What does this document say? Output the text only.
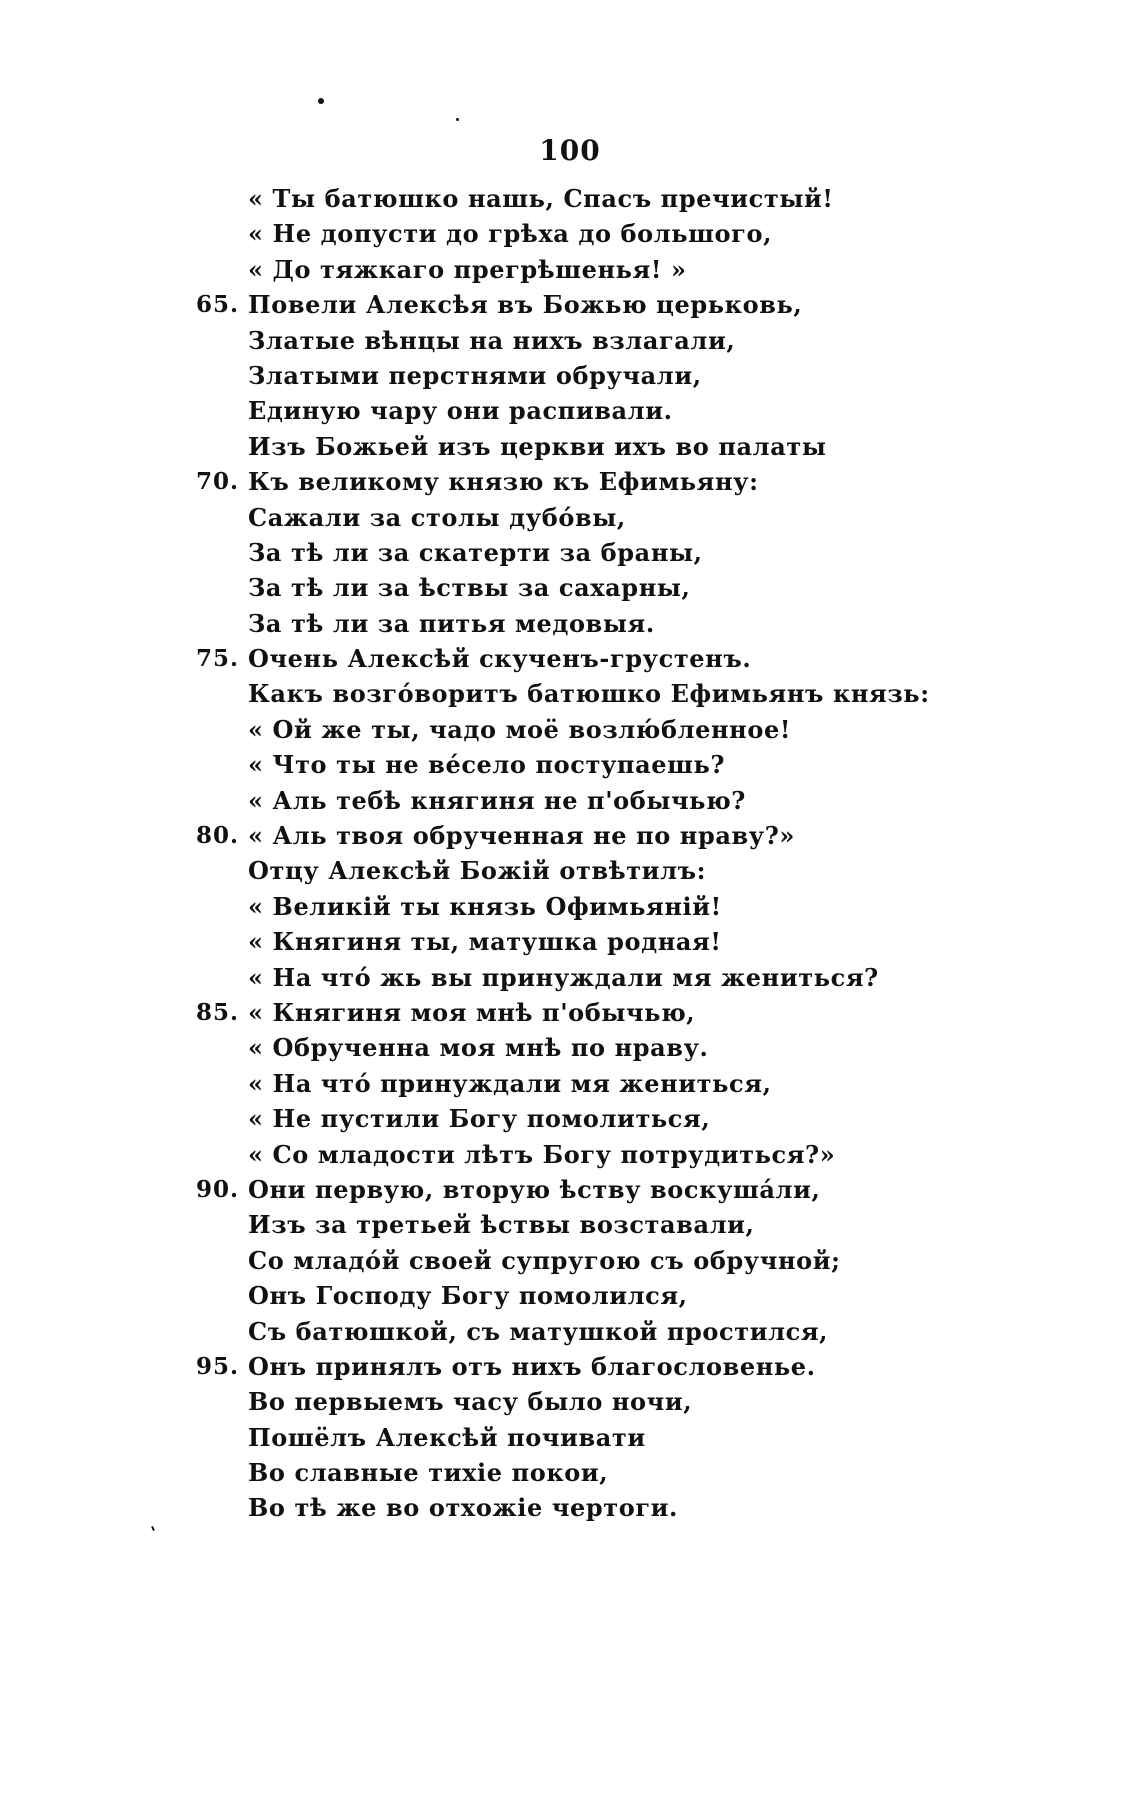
100
« Ты батюшко нашь, Спасъ пречистый!
« Не допусти до грѣха до большого,
« До тяжкаго прегрѣшенья! »
65. Повели Алексѣя въ Божью церьковь,
Златые вѣнцы на нихъ взлагали,
Златыми перстнями обручали,
Единую чару они распивали.
Изъ Божьей изъ церкви ихъ во палаты
70. Къ великому князю къ Ефимьяну:
Сажали за столы дубо́вы,
За тѣ ли за скатерти за браны,
За тѣ ли за ѣствы за сахарны,
За тѣ ли за питья медовыя.
75. Очень Алексѣй скученъ-грустенъ.
Какъ возго́воритъ батюшко Ефимьянъ князь:
« Ой же ты, чадо моё возлю́бленное!
« Что ты не ве́село поступаешь?
« Аль тебѣ княгиня не п'обычью?
80. « Аль твоя обрученная не по нраву?»
Отцу Алексѣй Божій отвѣтилъ:
« Великій ты князь Офимьяній!
« Княгиня ты, матушка родная!
« На что́ жь вы принуждали мя жениться?
85. « Княгиня моя мнѣ п'обычью,
« Обрученна моя мнѣ по нраву.
« На что́ принуждали мя жениться,
« Не пустили Богу помолиться,
« Со младости лѣтъ Богу потрудиться?»
90. Они первую, вторую ѣству воскуша́ли,
Изъ за третьей ѣствы возставали,
Со младо́й своей супругою съ обручной;
Онъ Господу Богу помолился,
Съ батюшкой, съ матушкой простился,
95. Онъ принялъ отъ нихъ благословенье.
Во первыемъ часу было ночи,
Пошёлъ Алексѣй почивати
Во славные тихіе покои,
Во тѣ же во отхожіе чертоги.
